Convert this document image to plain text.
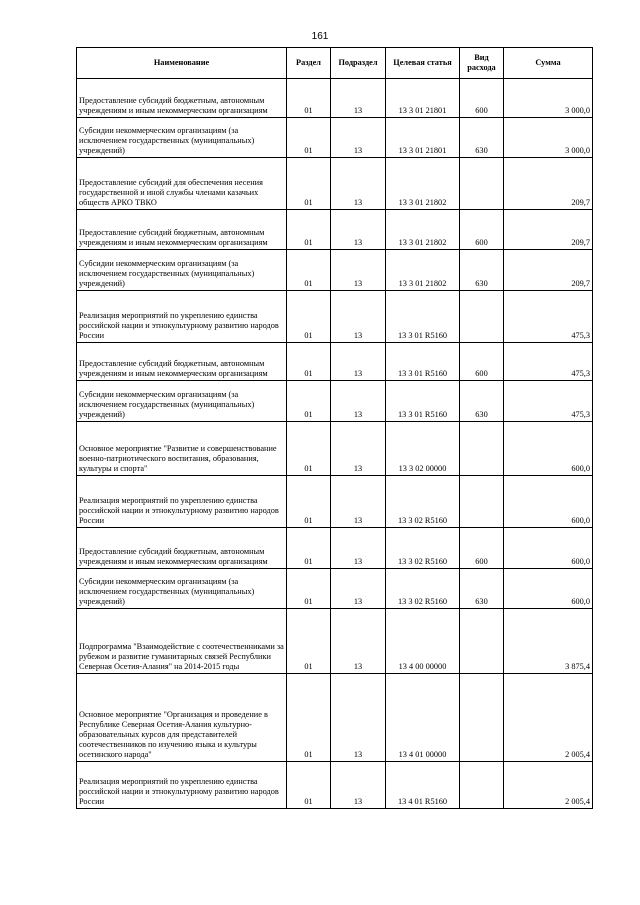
161
Наименование	Раздел	Подраздел	Целевая статья	Вид расхода	Сумма
Предоставление субсидий бюджетным, автономным учреждениям и иным некоммерческим организациям	01	13	13 3 01 21801	600	3 000,0
Субсидии некоммерческим организациям (за исключением государственных (муниципальных) учреждений)	01	13	13 3 01 21801	630	3 000,0
Предоставление субсидий для обеспечения несения государственной и иной службы членами казачьих обществ АРКО ТВКО	01	13	13 3 01 21802		209,7
Предоставление субсидий бюджетным, автономным учреждениям и иным некоммерческим организациям	01	13	13 3 01 21802	600	209,7
Субсидии некоммерческим организациям (за исключением государственных (муниципальных) учреждений)	01	13	13 3 01 21802	630	209,7
Реализация мероприятий по укреплению единства российской нации и этнокультурному развитию народов России	01	13	13 3 01 R5160		475,3
Предоставление субсидий бюджетным, автономным учреждениям и иным некоммерческим организациям	01	13	13 3 01 R5160	600	475,3
Субсидии некоммерческим организациям (за исключением государственных (муниципальных) учреждений)	01	13	13 3 01 R5160	630	475,3
Основное мероприятие "Развитие и совершенствование военно-патриотического воспитания, образования, культуры и спорта"	01	13	13 3 02 00000		600,0
Реализация мероприятий по укреплению единства российской нации и этнокультурному развитию народов России	01	13	13 3 02 R5160		600,0
Предоставление субсидий бюджетным, автономным учреждениям и иным некоммерческим организациям	01	13	13 3 02 R5160	600	600,0
Субсидии некоммерческим организациям (за исключением государственных (муниципальных) учреждений)	01	13	13 3 02 R5160	630	600,0
Подпрограмма "Взаимодействие с соотечественниками за рубежом и развитие гуманитарных связей Республики Северная Осетия-Алания" на 2014-2015 годы	01	13	13 4 00 00000		3 875,4
Основное мероприятие "Организация и проведение в Республике Северная Осетия-Алания культурно-образовательных курсов для представителей соотечественников по изучению языка и культуры осетинского народа"	01	13	13 4 01 00000		2 005,4
Реализация мероприятий по укреплению единства российской нации и этнокультурному развитию народов России	01	13	13 4 01 R5160		2 005,4
